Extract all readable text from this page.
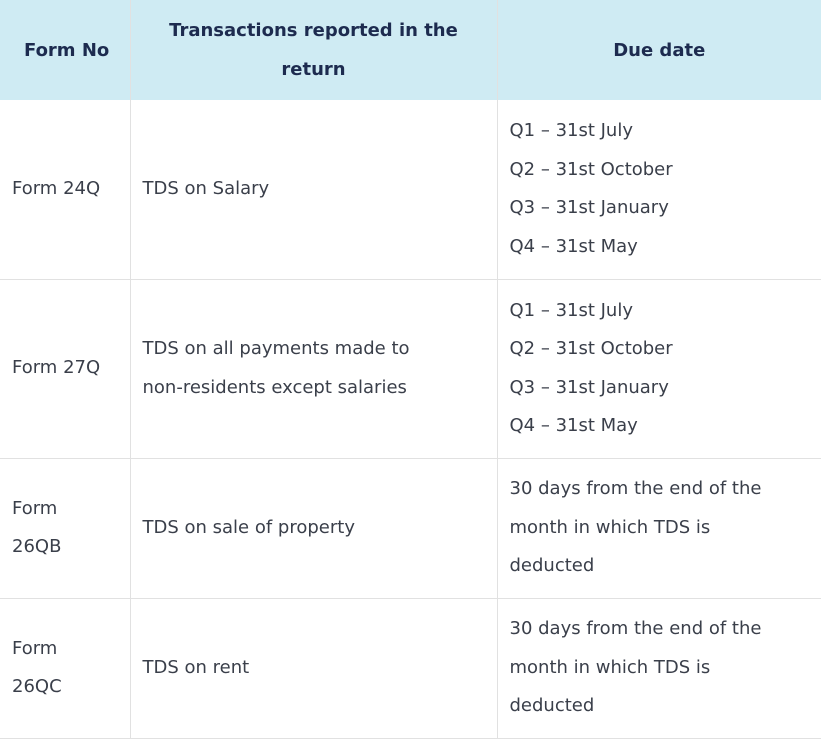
Form No	Transactions reported in the
return	Due date

Form 24Q	TDS on Salary	Q1 – 31st July
Q2 – 31st October
Q3 – 31st January
Q4 – 31st May

Form 27Q	TDS on all payments made to
non-residents except salaries	Q1 – 31st July
Q2 – 31st October
Q3 – 31st January
Q4 – 31st May

Form
26QB	TDS on sale of property	30 days from the end of the
month in which TDS is
deducted

Form
26QC	TDS on rent	30 days from the end of the
month in which TDS is
deducted
